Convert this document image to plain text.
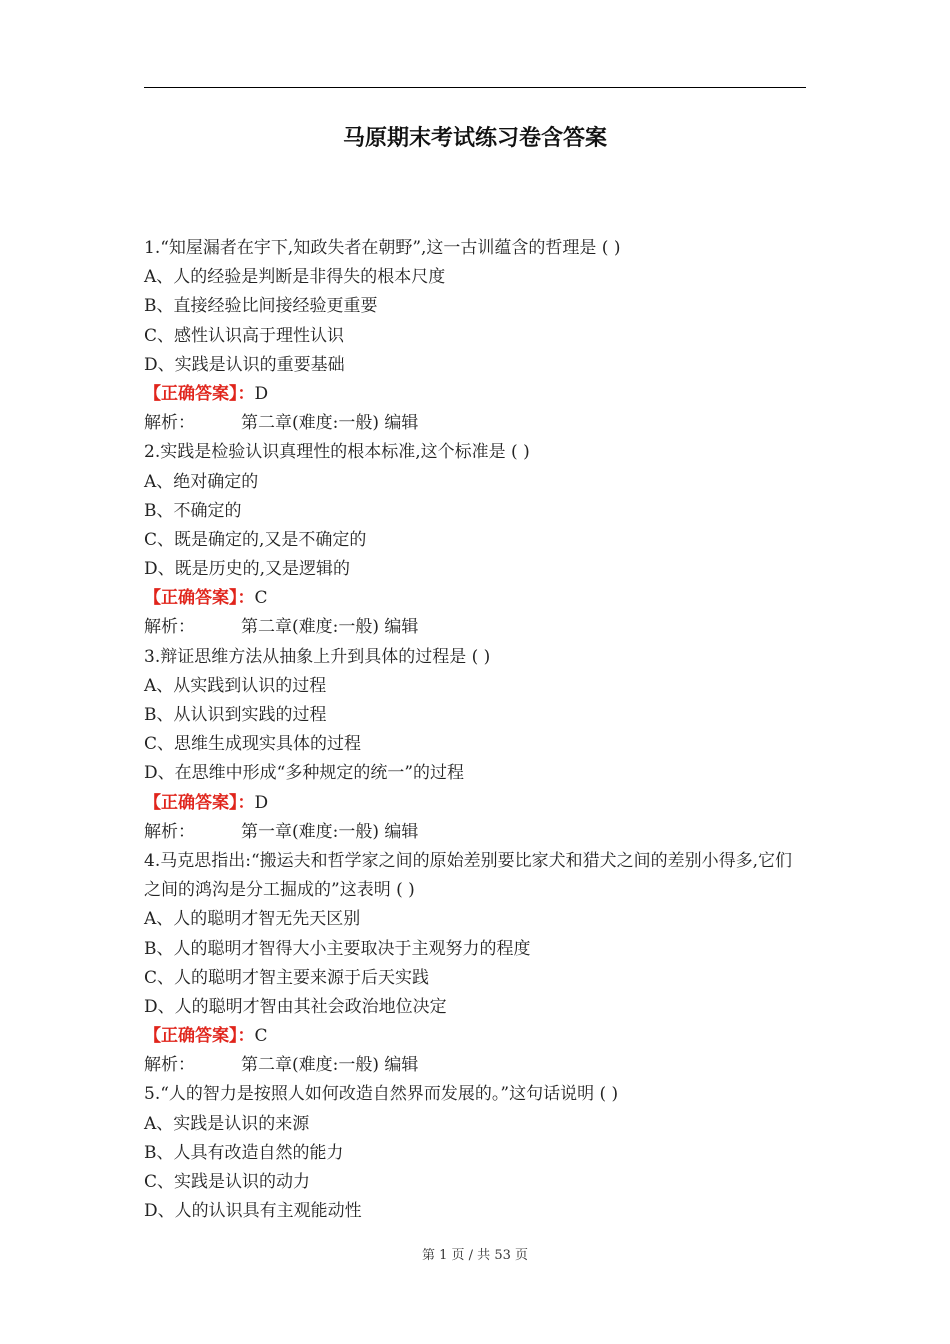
马原期末考试练习卷含答案
1.“知屋漏者在宇下,知政失者在朝野”,这一古训蕴含的哲理是 ( )
A、人的经验是判断是非得失的根本尺度
B、直接经验比间接经验更重要
C、感性认识高于理性认识
D、实践是认识的重要基础
【正确答案】：D
解析：	第二章(难度:一般) 编辑
2.实践是检验认识真理性的根本标准,这个标准是 ( )
A、绝对确定的
B、不确定的
C、既是确定的,又是不确定的
D、既是历史的,又是逻辑的
【正确答案】：C
解析：	第二章(难度:一般) 编辑
3.辩证思维方法从抽象上升到具体的过程是 ( )
A、从实践到认识的过程
B、从认识到实践的过程
C、思维生成现实具体的过程
D、在思维中形成“多种规定的统一”的过程
【正确答案】：D
解析：	第一章(难度:一般) 编辑
4.马克思指出:“搬运夫和哲学家之间的原始差别要比家犬和猎犬之间的差别小得多,它们之间的鸿沟是分工掘成的”这表明 ( )
A、人的聪明才智无先天区别
B、人的聪明才智得大小主要取决于主观努力的程度
C、人的聪明才智主要来源于后天实践
D、人的聪明才智由其社会政治地位决定
【正确答案】：C
解析：	第二章(难度:一般) 编辑
5.“人的智力是按照人如何改造自然界而发展的。”这句话说明 ( )
A、实践是认识的来源
B、人具有改造自然的能力
C、实践是认识的动力
D、人的认识具有主观能动性
第 1 页 / 共 53 页
